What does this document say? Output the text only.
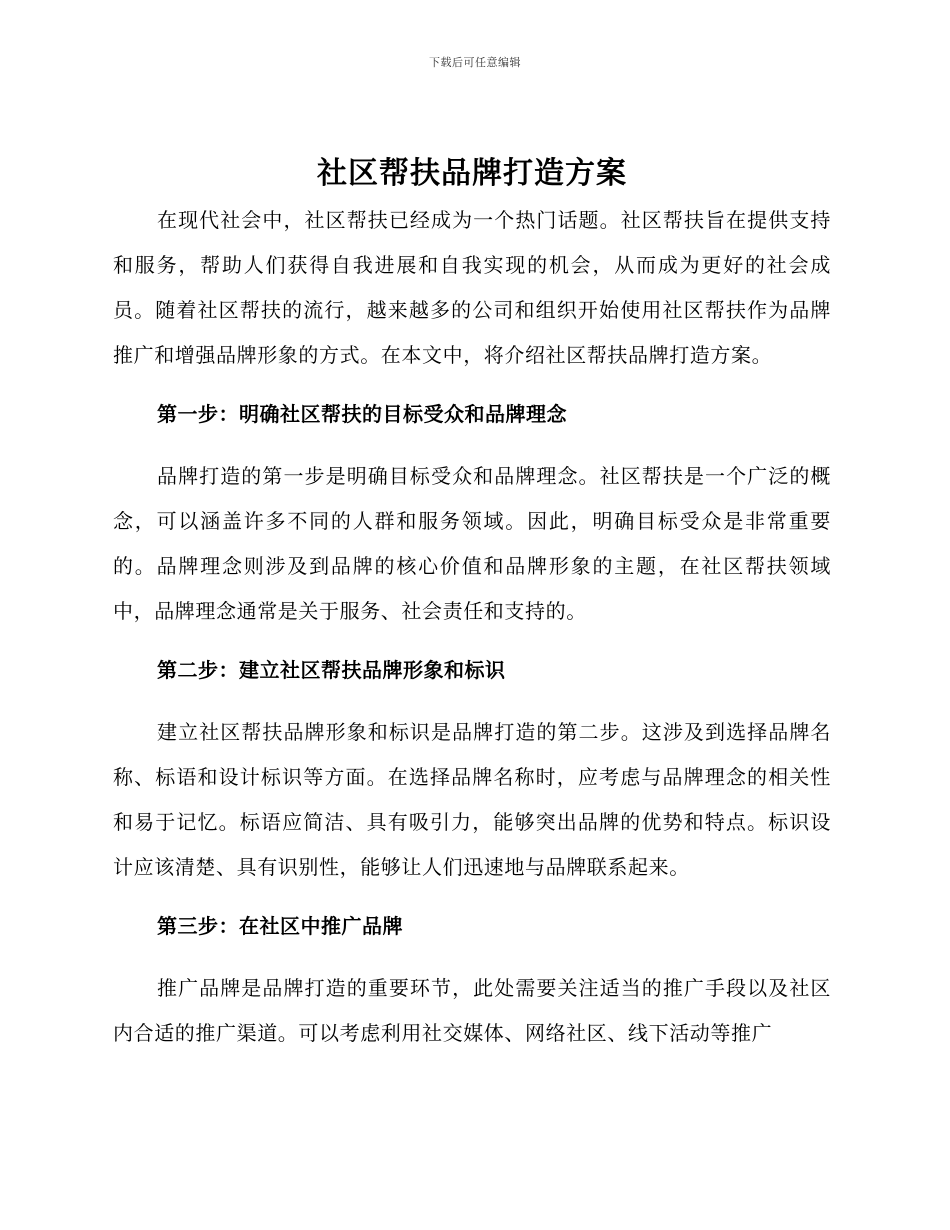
下载后可任意编辑
社区帮扶品牌打造方案

在现代社会中，社区帮扶已经成为一个热门话题。社区帮扶旨在提供支持和服务，帮助人们获得自我进展和自我实现的机会，从而成为更好的社会成员。随着社区帮扶的流行，越来越多的公司和组织开始使用社区帮扶作为品牌推广和增强品牌形象的方式。在本文中，将介绍社区帮扶品牌打造方案。

第一步：明确社区帮扶的目标受众和品牌理念

品牌打造的第一步是明确目标受众和品牌理念。社区帮扶是一个广泛的概念，可以涵盖许多不同的人群和服务领域。因此，明确目标受众是非常重要的。品牌理念则涉及到品牌的核心价值和品牌形象的主题，在社区帮扶领域中，品牌理念通常是关于服务、社会责任和支持的。

第二步：建立社区帮扶品牌形象和标识

建立社区帮扶品牌形象和标识是品牌打造的第二步。这涉及到选择品牌名称、标语和设计标识等方面。在选择品牌名称时，应考虑与品牌理念的相关性和易于记忆。标语应简洁、具有吸引力，能够突出品牌的优势和特点。标识设计应该清楚、具有识别性，能够让人们迅速地与品牌联系起来。

第三步：在社区中推广品牌

推广品牌是品牌打造的重要环节，此处需要关注适当的推广手段以及社区内合适的推广渠道。可以考虑利用社交媒体、网络社区、线下活动等推广
